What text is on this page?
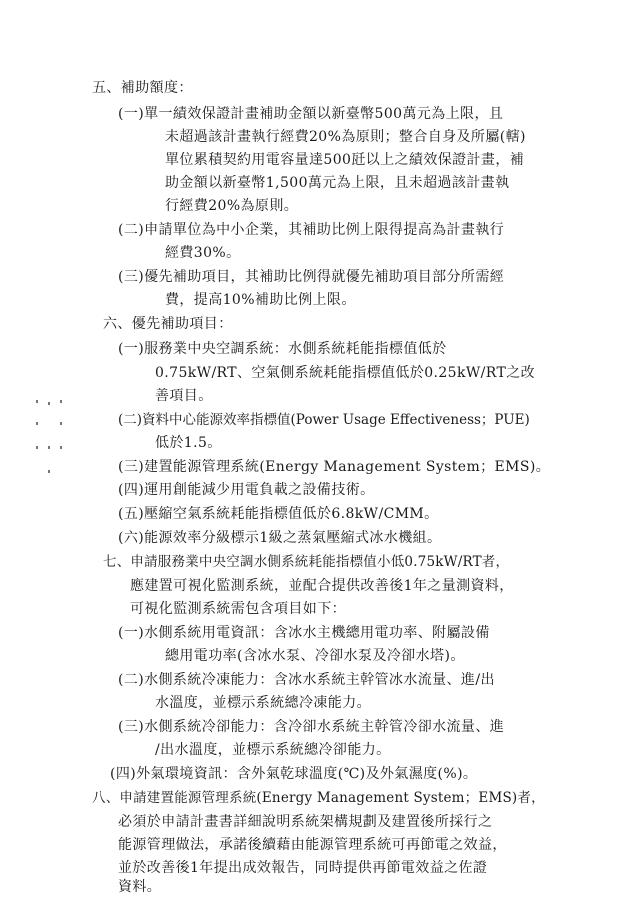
五、補助額度：
(一)單一績效保證計畫補助金額以新臺幣500萬元為上限，且
未超過該計畫執行經費20%為原則；整合自身及所屬(轄)
單位累積契約用電容量達500瓩以上之績效保證計畫，補
助金額以新臺幣1,500萬元為上限，且未超過該計畫執
行經費20%為原則。
(二)申請單位為中小企業，其補助比例上限得提高為計畫執行
經費30%。
(三)優先補助項目，其補助比例得就優先補助項目部分所需經
費，提高10%補助比例上限。
六、優先補助項目：
(一)服務業中央空調系統：水側系統耗能指標值低於
0.75kW/RT、空氣側系統耗能指標值低於0.25kW/RT之改
善項目。
(二)資料中心能源效率指標值(Power Usage Effectiveness；PUE)
低於1.5。
(三)建置能源管理系統(Energy Management System；EMS)。
(四)運用創能減少用電負載之設備技術。
(五)壓縮空氣系統耗能指標值低於6.8kW/CMM。
(六)能源效率分級標示1級之蒸氣壓縮式冰水機組。
七、申請服務業中央空調水側系統耗能指標值小低0.75kW/RT者，
應建置可視化監測系統，並配合提供改善後1年之量測資料，
可視化監測系統需包含項目如下：
(一)水側系統用電資訊：含冰水主機總用電功率、附屬設備
總用電功率(含冰水泵、冷卻水泵及冷卻水塔)。
(二)水側系統冷凍能力：含冰水系統主幹管冰水流量、進/出
水溫度，並標示系統總冷凍能力。
(三)水側系統冷卻能力：含冷卻水系統主幹管冷卻水流量、進
/出水溫度，並標示系統總冷卻能力。
(四)外氣環境資訊：含外氣乾球溫度(℃)及外氣濕度(%)。
八、申請建置能源管理系統(Energy Management System；EMS)者，
必須於申請計畫書詳細說明系統架構規劃及建置後所採行之
能源管理做法，承諾後續藉由能源管理系統可再節電之效益，
並於改善後1年提出成效報告，同時提供再節電效益之佐證
資料。
